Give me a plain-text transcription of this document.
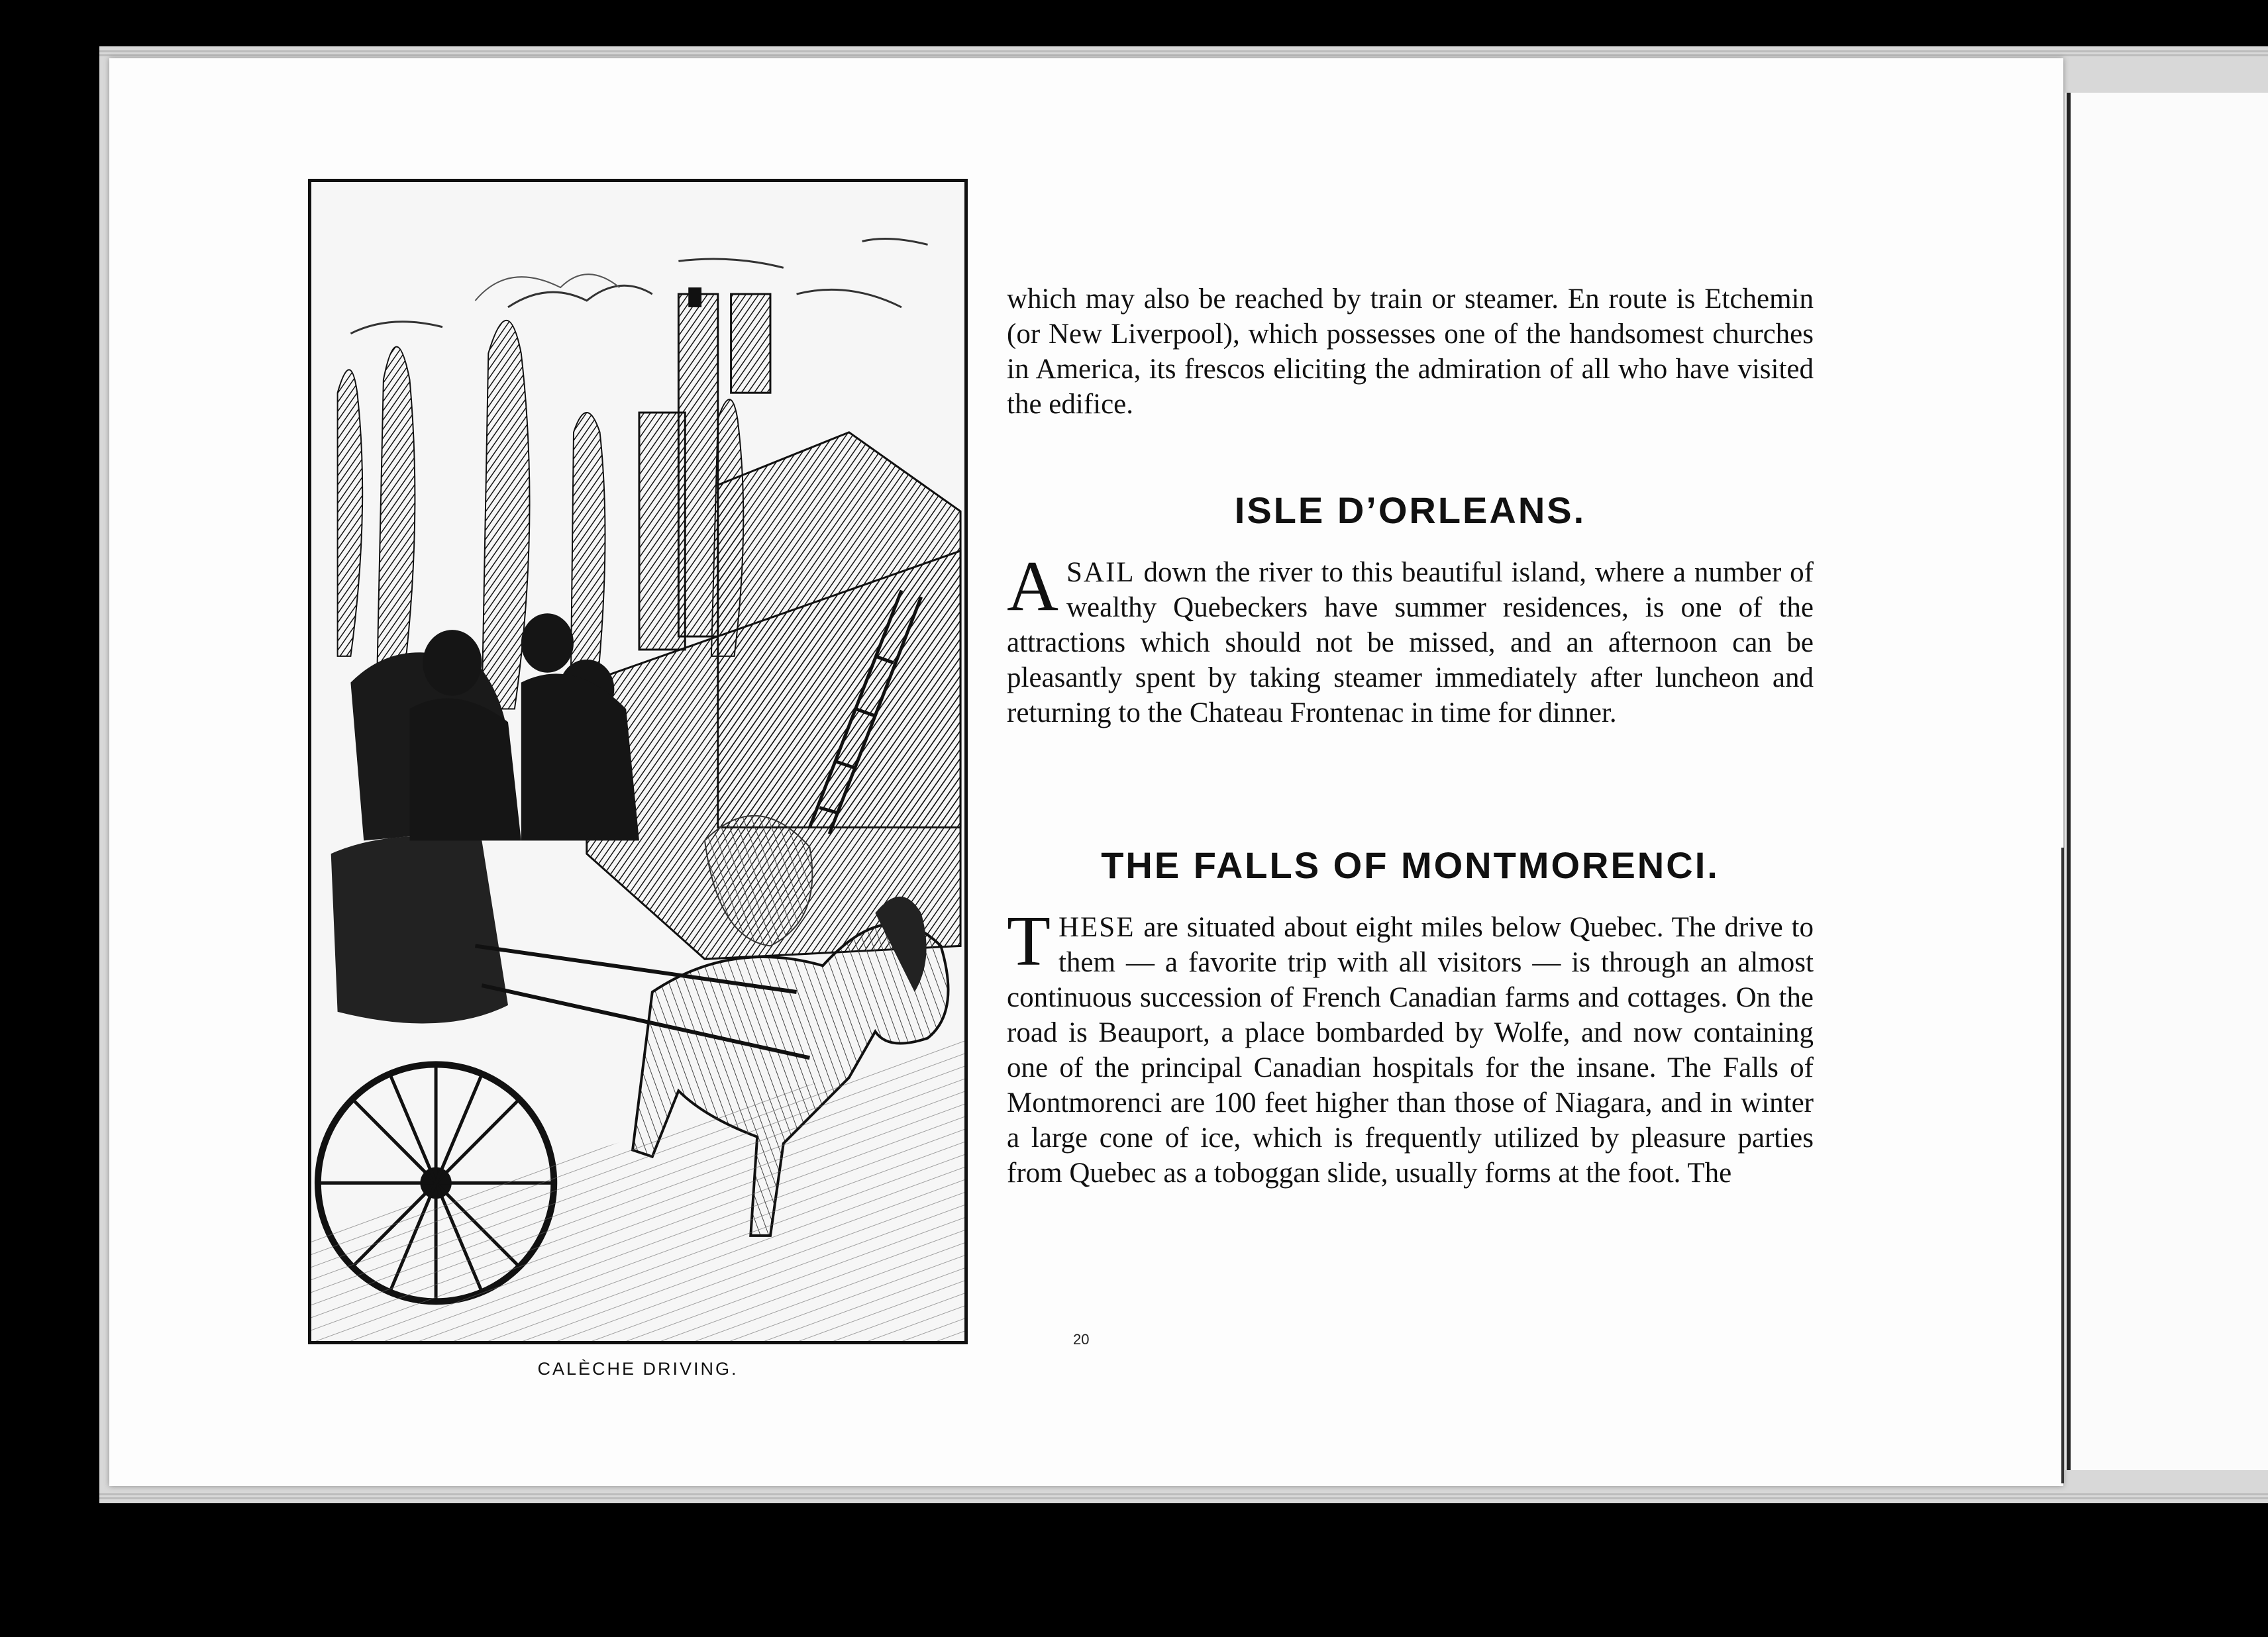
CALÈCHE DRIVING.

which may also be reached by train or steamer. En route is Etchemin (or New Liverpool), which possesses one of the handsomest churches in America, its frescos eliciting the admiration of all who have visited the edifice.

ISLE D’ORLEANS.

ASAIL down the river to this beautiful island, where a number of wealthy Quebeckers have summer residences, is one of the attractions which should not be missed, and an afternoon can be pleasantly spent by taking steamer immediately after luncheon and returning to the Chateau Frontenac in time for dinner.

THE FALLS OF MONTMORENCI.

THESE are situated about eight miles below Quebec. The drive to them — a favorite trip with all visitors — is through an almost continuous succession of French Canadian farms and cottages. On the road is Beauport, a place bombarded by Wolfe, and now containing one of the principal Canadian hospitals for the insane. The Falls of Montmorenci are 100 feet higher than those of Niagara, and in winter a large cone of ice, which is frequently utilized by pleasure parties from Quebec as a toboggan slide, usually forms at the foot. The

20
